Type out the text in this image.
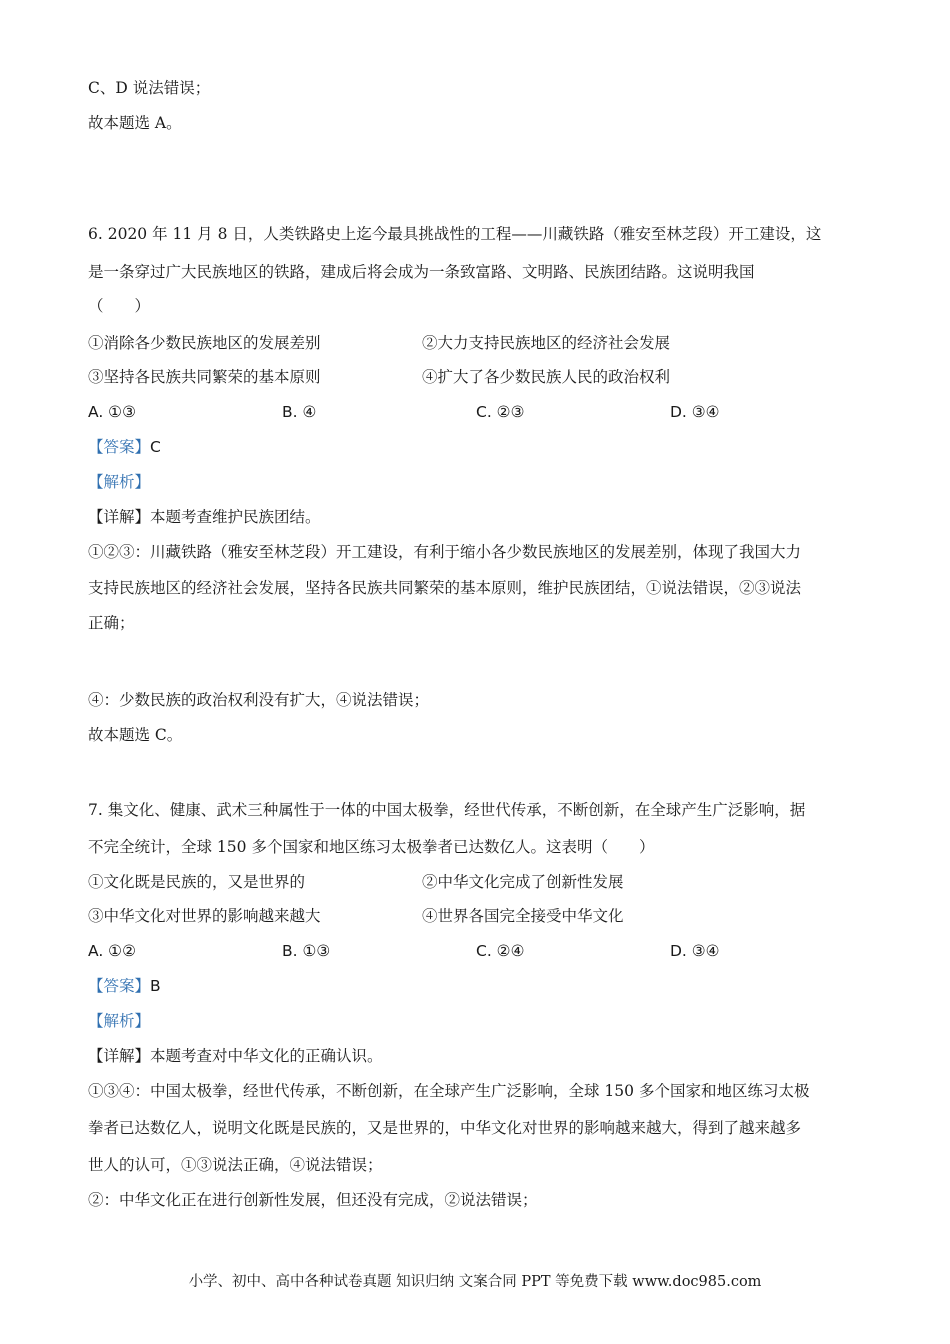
C、D 说法错误；
故本题选 A。
6. 2020 年 11 月 8 日，人类铁路史上迄今最具挑战性的工程——川藏铁路（雅安至林芝段）开工建设，这
是一条穿过广大民族地区的铁路，建成后将会成为一条致富路、文明路、民族团结路。这说明我国
（　　）
①消除各少数民族地区的发展差别	②大力支持民族地区的经济社会发展
③坚持各民族共同繁荣的基本原则	④扩大了各少数民族人民的政治权利
A. ①③	B. ④	C. ②③	D. ③④
【答案】C
【解析】
【详解】本题考查维护民族团结。
①②③：川藏铁路（雅安至林芝段）开工建设，有利于缩小各少数民族地区的发展差别，体现了我国大力
支持民族地区的经济社会发展，坚持各民族共同繁荣的基本原则，维护民族团结，①说法错误，②③说法
正确；
④：少数民族的政治权利没有扩大，④说法错误；
故本题选 C。
7. 集文化、健康、武术三种属性于一体的中国太极拳，经世代传承，不断创新，在全球产生广泛影响，据
不完全统计，全球 150 多个国家和地区练习太极拳者已达数亿人。这表明（　　）
①文化既是民族的，又是世界的	②中华文化完成了创新性发展
③中华文化对世界的影响越来越大	④世界各国完全接受中华文化
A. ①②	B. ①③	C. ②④	D. ③④
【答案】B
【解析】
【详解】本题考查对中华文化的正确认识。
①③④：中国太极拳，经世代传承，不断创新，在全球产生广泛影响，全球 150 多个国家和地区练习太极
拳者已达数亿人，说明文化既是民族的，又是世界的，中华文化对世界的影响越来越大，得到了越来越多
世人的认可，①③说法正确，④说法错误；
②：中华文化正在进行创新性发展，但还没有完成，②说法错误；
小学、初中、高中各种试卷真题 知识归纳 文案合同 PPT 等免费下载 www.doc985.com
